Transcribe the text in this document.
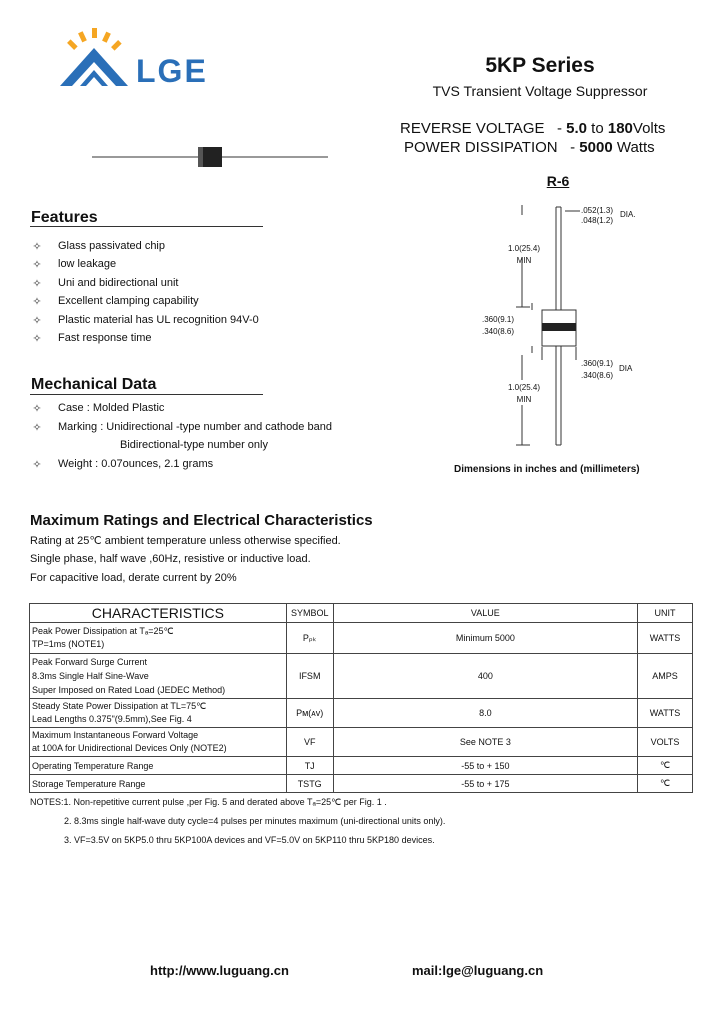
LGE	5KP Series
TVS Transient Voltage Suppressor
REVERSE VOLTAGE   - 5.0 to 180Volts
POWER DISSIPATION   - 5000 Watts
R-6
.052(1.3)
.048(1.2)
DIA.
1.0(25.4)
MIN
.360(9.1)
.340(8.6)
.360(9.1)
.340(8.6)
DIA
1.0(25.4)
MIN
Dimensions in inches and (millimeters)
Features
✧ Glass passivated chip
✧ low leakage
✧ Uni and bidirectional unit
✧ Excellent clamping capability
✧ Plastic material has UL recognition 94V-0
✧ Fast response time
Mechanical Data
✧ Case : Molded Plastic
✧ Marking : Unidirectional -type number and cathode band
Bidirectional-type number only
✧ Weight : 0.07ounces, 2.1 grams
Maximum Ratings and Electrical Characteristics
Rating at 25℃ ambient temperature unless otherwise specified.
Single phase, half wave ,60Hz, resistive or inductive load.
For capacitive load, derate current by 20%
CHARACTERISTICS	SYMBOL	VALUE	UNIT

Peak Power Dissipation at Tₐ=25℃
TP=1ms (NOTE1)	Pₚₖ	Minimum 5000	WATTS

Peak Forward Surge Current
8.3ms Single Half Sine-Wave
Super Imposed on Rated Load (JEDEC Method)	IFSM	400	AMPS

Steady State Power Dissipation at TL=75℃
Lead Lengths 0.375"(9.5mm),See Fig. 4	Pᴍ(ᴀᴠ)	8.0	WATTS

Maximum Instantaneous Forward Voltage
at 100A for Unidirectional Devices Only (NOTE2)	VF	See NOTE 3	VOLTS
Operating Temperature Range	TJ	-55 to + 150	℃
Storage Temperature Range	TSTG	-55 to + 175	℃
NOTES:1. Non-repetitive current pulse ,per Fig. 5 and derated above Tₐ=25℃ per Fig. 1 .
2. 8.3ms single half-wave duty cycle=4 pulses per minutes maximum (uni-directional units only).
3. VF=3.5V on 5KP5.0 thru 5KP100A devices and VF=5.0V on 5KP110 thru 5KP180 devices.
http://www.luguang.cn	mail:lge@luguang.cn
